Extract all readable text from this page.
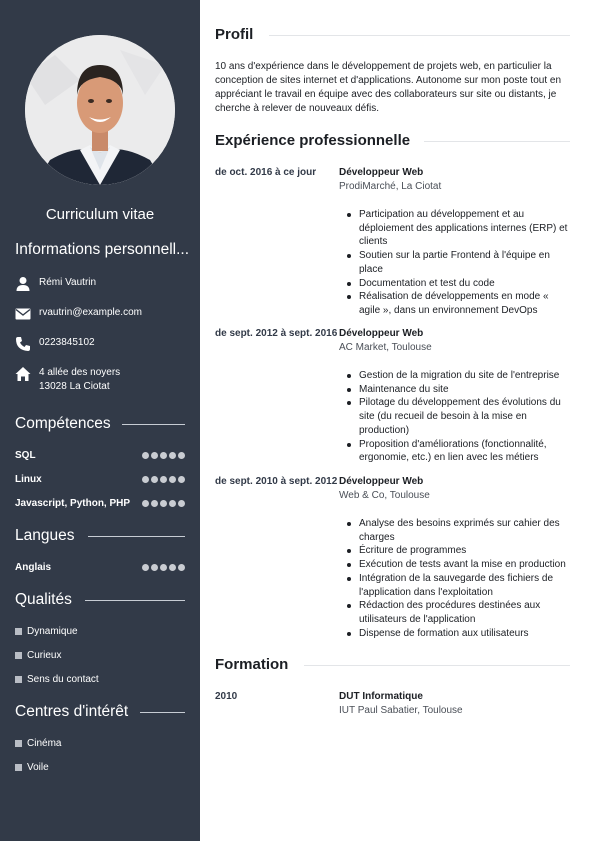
Curriculum vitae
Informations personnell...
Rémi Vautrin
rvautrin@example.com
0223845102
4 allée des noyers
13028 La Ciotat
Compétences
SQL
Linux
Javascript, Python, PHP
Langues
Anglais
Qualités
Dynamique
Curieux
Sens du contact
Centres d'intérêt
Cinéma
Voile
Profil
10 ans d'expérience dans le développement de projets web, en particulier la conception de sites internet et d'applications. Autonome sur mon poste tout en appréciant le travail en équipe avec des collaborateurs sur site ou distants, je cherche à relever de nouveaux défis.
Expérience professionnelle
de oct. 2016 à ce jour Développeur Web
ProdiMarché, La Ciotat
Participation au développement et au déploiement des applications internes (ERP) et clients
Soutien sur la partie Frontend à l'équipe en place
Documentation et test du code
Réalisation de développements en mode « agile », dans un environnement DevOps
de sept. 2012 à sept. 2016 Développeur Web
AC Market, Toulouse
Gestion de la migration du site de l'entreprise
Maintenance du site
Pilotage du développement des évolutions du site (du recueil de besoin à la mise en production)
Proposition d'améliorations (fonctionnalité, ergonomie, etc.) en lien avec les métiers
de sept. 2010 à sept. 2012 Développeur Web
Web & Co, Toulouse
Analyse des besoins exprimés sur cahier des charges
Écriture de programmes
Exécution de tests avant la mise en production
Intégration de la sauvegarde des fichiers de l'application dans l'exploitation
Rédaction des procédures destinées aux utilisateurs de l'application
Dispense de formation aux utilisateurs
Formation
2010	DUT Informatique
IUT Paul Sabatier, Toulouse
